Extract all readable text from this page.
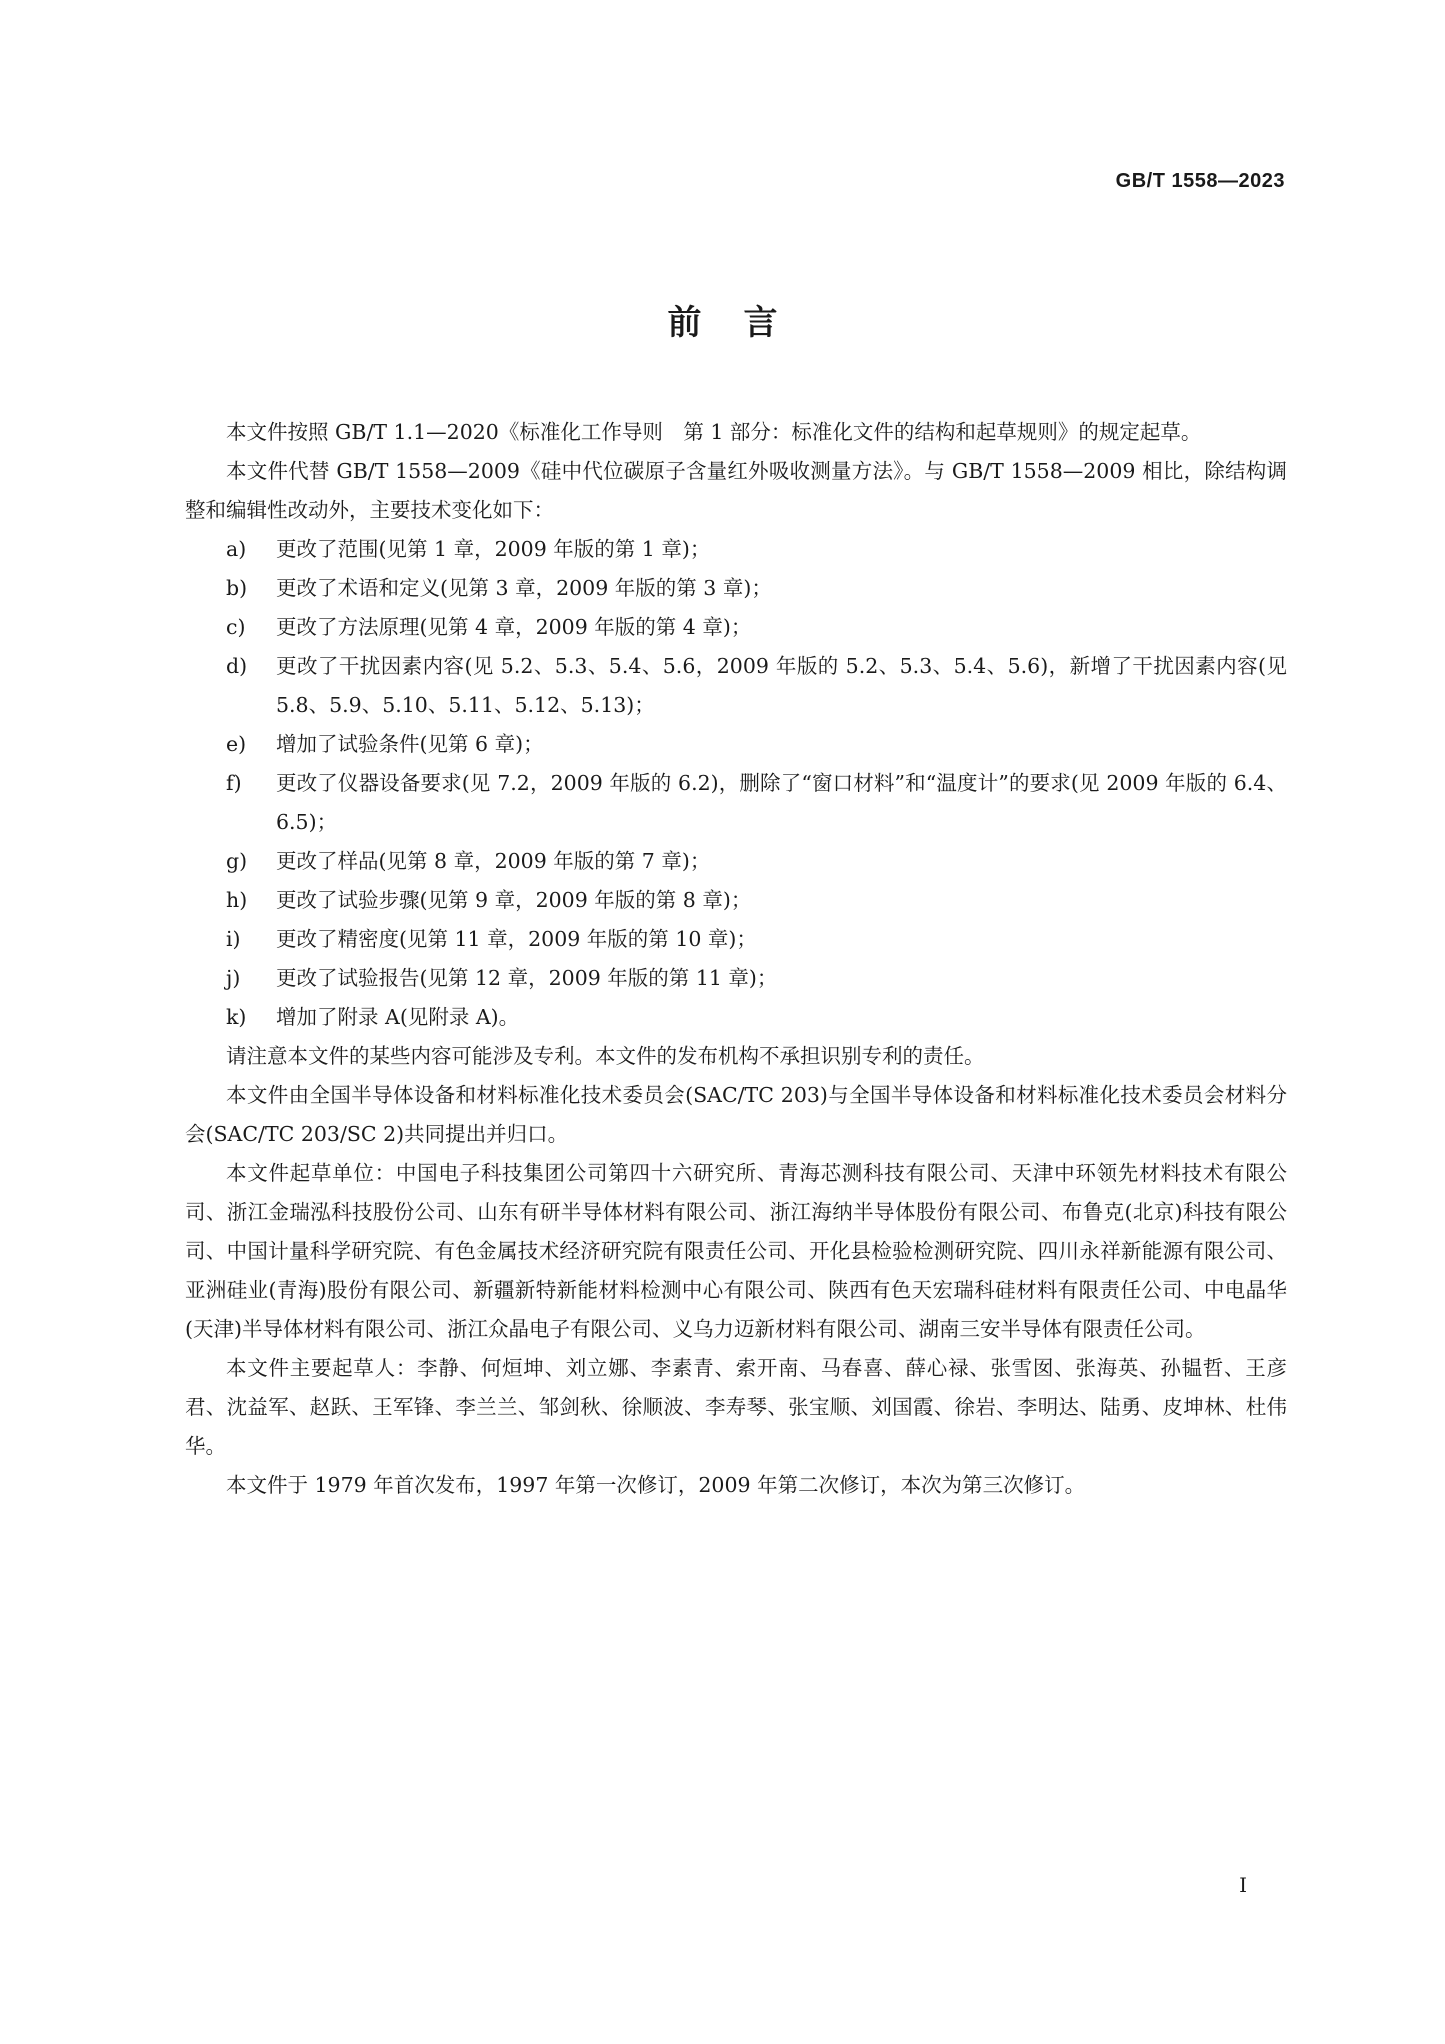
GB/T 1558—2023
前言

本文件按照 GB/T 1.1—2020《标准化工作导则　第 1 部分：标准化文件的结构和起草规则》的规定起草。

本文件代替 GB/T 1558—2009《硅中代位碳原子含量红外吸收测量方法》。与 GB/T 1558—2009 相比，除结构调整和编辑性改动外，主要技术变化如下：

a)	更改了范围(见第 1 章，2009 年版的第 1 章)；
b)	更改了术语和定义(见第 3 章，2009 年版的第 3 章)；
c)	更改了方法原理(见第 4 章，2009 年版的第 4 章)；
d)	更改了干扰因素内容(见 5.2、5.3、5.4、5.6，2009 年版的 5.2、5.3、5.4、5.6)，新增了干扰因素内容(见 5.8、5.9、5.10、5.11、5.12、5.13)；
e)	增加了试验条件(见第 6 章)；
f)	更改了仪器设备要求(见 7.2，2009 年版的 6.2)，删除了“窗口材料”和“温度计”的要求(见 2009 年版的 6.4、6.5)；
g)	更改了样品(见第 8 章，2009 年版的第 7 章)；
h)	更改了试验步骤(见第 9 章，2009 年版的第 8 章)；
i)	更改了精密度(见第 11 章，2009 年版的第 10 章)；
j)	更改了试验报告(见第 12 章，2009 年版的第 11 章)；
k)	增加了附录 A(见附录 A)。

请注意本文件的某些内容可能涉及专利。本文件的发布机构不承担识别专利的责任。

本文件由全国半导体设备和材料标准化技术委员会(SAC/TC 203)与全国半导体设备和材料标准化技术委员会材料分会(SAC/TC 203/SC 2)共同提出并归口。

本文件起草单位：中国电子科技集团公司第四十六研究所、青海芯测科技有限公司、天津中环领先材料技术有限公司、浙江金瑞泓科技股份公司、山东有研半导体材料有限公司、浙江海纳半导体股份有限公司、布鲁克(北京)科技有限公司、中国计量科学研究院、有色金属技术经济研究院有限责任公司、开化县检验检测研究院、四川永祥新能源有限公司、亚洲硅业(青海)股份有限公司、新疆新特新能材料检测中心有限公司、陕西有色天宏瑞科硅材料有限责任公司、中电晶华(天津)半导体材料有限公司、浙江众晶电子有限公司、义乌力迈新材料有限公司、湖南三安半导体有限责任公司。

本文件主要起草人：李静、何烜坤、刘立娜、李素青、索开南、马春喜、薛心禄、张雪囡、张海英、孙韫哲、王彦君、沈益军、赵跃、王军锋、李兰兰、邹剑秋、徐顺波、李寿琴、张宝顺、刘国霞、徐岩、李明达、陆勇、皮坤林、杜伟华。

本文件于 1979 年首次发布，1997 年第一次修订，2009 年第二次修订，本次为第三次修订。

I
